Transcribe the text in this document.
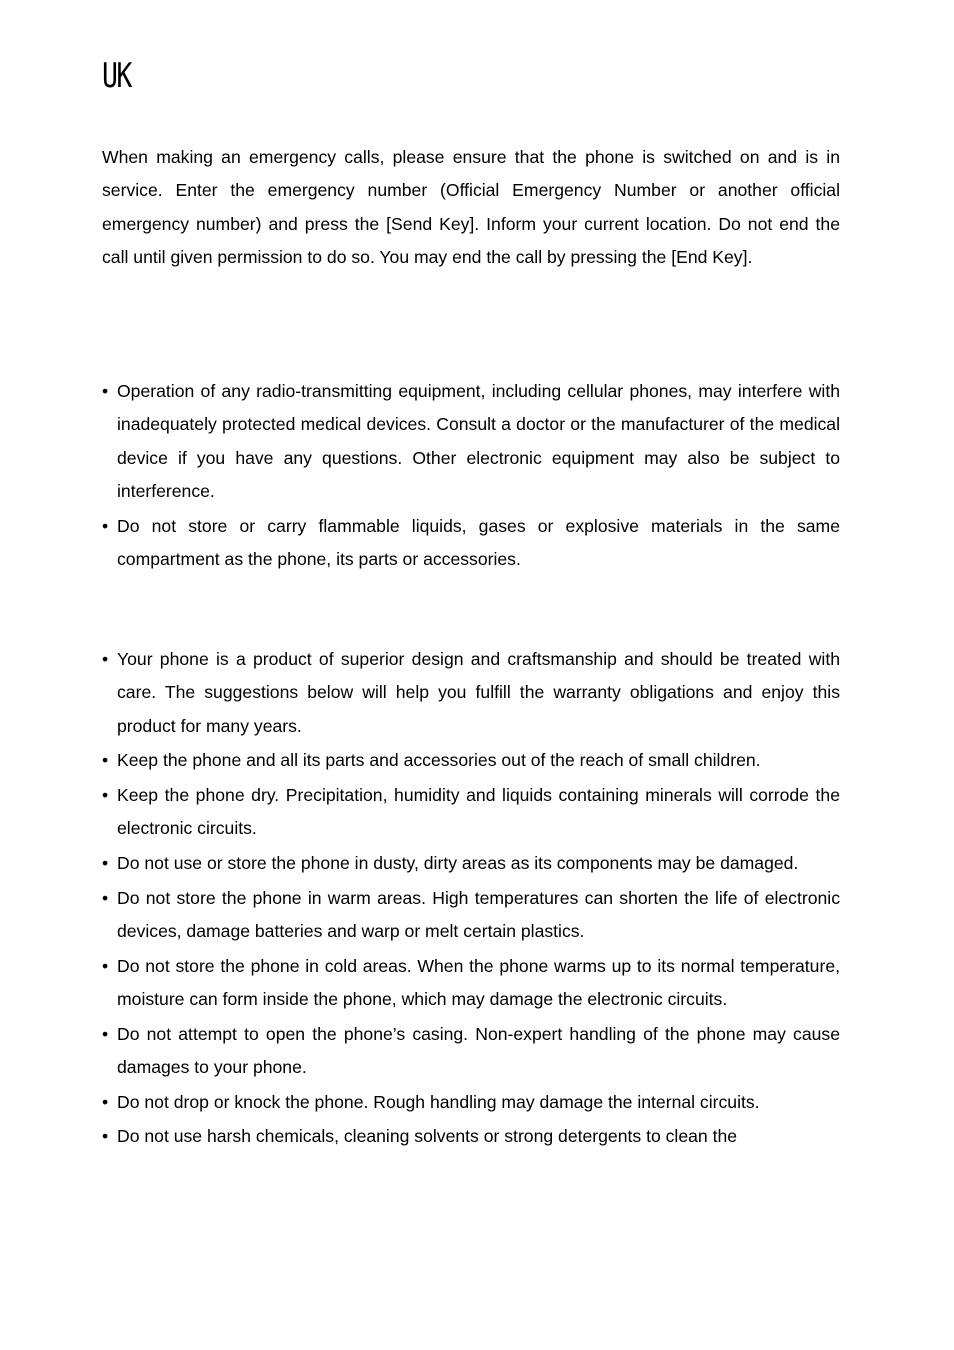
UK

When making an emergency calls, please ensure that the phone is switched on and is in service. Enter the emergency number (Official Emergency Number or another official emergency number) and press the [Send Key]. Inform your current location. Do not end the call until given permission to do so. You may end the call by pressing the [End Key].

• Operation of any radio-transmitting equipment, including cellular phones, may interfere with inadequately protected medical devices. Consult a doctor or the manufacturer of the medical device if you have any questions. Other electronic equipment may also be subject to interference.
• Do not store or carry flammable liquids, gases or explosive materials in the same compartment as the phone, its parts or accessories.
• Your phone is a product of superior design and craftsmanship and should be treated with care. The suggestions below will help you fulfill the warranty obligations and enjoy this product for many years.
• Keep the phone and all its parts and accessories out of the reach of small children.
• Keep the phone dry. Precipitation, humidity and liquids containing minerals will corrode the electronic circuits.
• Do not use or store the phone in dusty, dirty areas as its components may be damaged.
• Do not store the phone in warm areas. High temperatures can shorten the life of electronic devices, damage batteries and warp or melt certain plastics.
• Do not store the phone in cold areas. When the phone warms up to its normal temperature, moisture can form inside the phone, which may damage the electronic circuits.
• Do not attempt to open the phone’s casing. Non-expert handling of the phone may cause damages to your phone.
• Do not drop or knock the phone. Rough handling may damage the internal circuits.
• Do not use harsh chemicals, cleaning solvents or strong detergents to clean the
